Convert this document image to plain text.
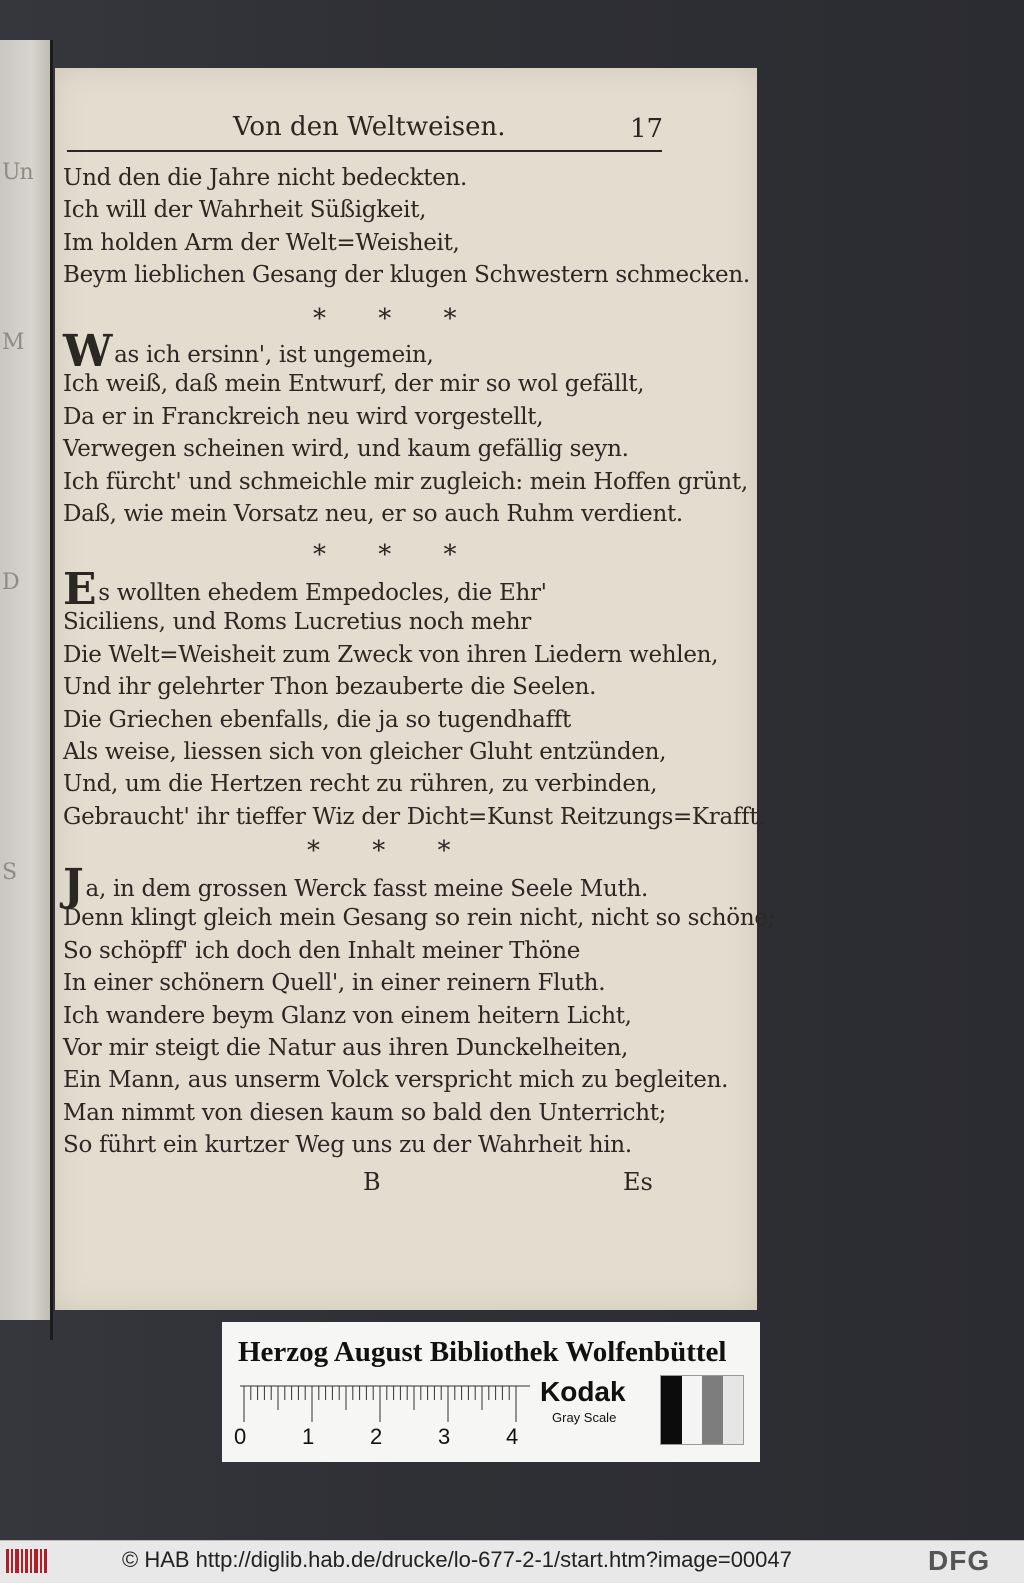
Un
M
D
S
Von den Weltweisen.	17
Und den die Jahre nicht bedeckten.
Ich will der Wahrheit Süßigkeit,
Im holden Arm der Welt=Weisheit,
Beym lieblichen Gesang der klugen Schwestern schmecken.
* * *
Was ich ersinn', ist ungemein,
Ich weiß, daß mein Entwurf, der mir so wol gefällt,
Da er in Franckreich neu wird vorgestellt,
Verwegen scheinen wird, und kaum gefällig seyn.
Ich fürcht' und schmeichle mir zugleich: mein Hoffen grünt,
Daß, wie mein Vorsatz neu, er so auch Ruhm verdient.
* * *
Es wollten ehedem Empedocles, die Ehr'
Siciliens, und Roms Lucretius noch mehr
Die Welt=Weisheit zum Zweck von ihren Liedern wehlen,
Und ihr gelehrter Thon bezauberte die Seelen.
Die Griechen ebenfalls, die ja so tugendhafft
Als weise, liessen sich von gleicher Gluht entzünden,
Und, um die Hertzen recht zu rühren, zu verbinden,
Gebraucht' ihr tieffer Wiz der Dicht=Kunst Reitzungs=Krafft.
* * *
Ja, in dem grossen Werck fasst meine Seele Muth.
Denn klingt gleich mein Gesang so rein nicht, nicht so schöne;
So schöpff' ich doch den Inhalt meiner Thöne
In einer schönern Quell', in einer reinern Fluth.
Ich wandere beym Glanz von einem heitern Licht,
Vor mir steigt die Natur aus ihren Dunckelheiten,
Ein Mann, aus unserm Volck verspricht mich zu begleiten.
Man nimmt von diesen kaum so bald den Unterricht;
So führt ein kurtzer Weg uns zu der Wahrheit hin.
B	Es
Herzog August Bibliothek Wolfenbüttel
0	1	2	3	4
Kodak
Gray Scale
© HAB http://diglib.hab.de/drucke/lo-677-2-1/start.htm?image=00047	DFG
